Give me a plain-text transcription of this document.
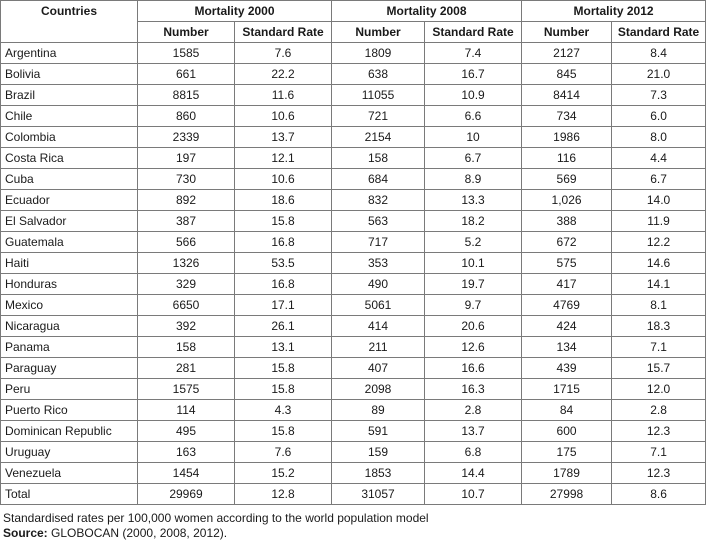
Countries	Mortality 2000		Mortality 2008		Mortality 2012	
	Number	Standard Rate	Number	Standard Rate	Number	Standard Rate
Argentina	1585	7.6	1809	7.4	2127	8.4
Bolivia	661	22.2	638	16.7	845	21.0
Brazil	8815	11.6	11055	10.9	8414	7.3
Chile	860	10.6	721	6.6	734	6.0
Colombia	2339	13.7	2154	10	1986	8.0
Costa Rica	197	12.1	158	6.7	116	4.4
Cuba	730	10.6	684	8.9	569	6.7
Ecuador	892	18.6	832	13.3	1,026	14.0
El Salvador	387	15.8	563	18.2	388	11.9
Guatemala	566	16.8	717	5.2	672	12.2
Haiti	1326	53.5	353	10.1	575	14.6
Honduras	329	16.8	490	19.7	417	14.1
Mexico	6650	17.1	5061	9.7	4769	8.1
Nicaragua	392	26.1	414	20.6	424	18.3
Panama	158	13.1	211	12.6	134	7.1
Paraguay	281	15.8	407	16.6	439	15.7
Peru	1575	15.8	2098	16.3	1715	12.0
Puerto Rico	114	4.3	89	2.8	84	2.8
Dominican Republic	495	15.8	591	13.7	600	12.3
Uruguay	163	7.6	159	6.8	175	7.1
Venezuela	1454	15.2	1853	14.4	1789	12.3
Total	29969	12.8	31057	10.7	27998	8.6
Standardised rates per 100,000 women according to the world population model
Source: GLOBOCAN (2000, 2008, 2012).
